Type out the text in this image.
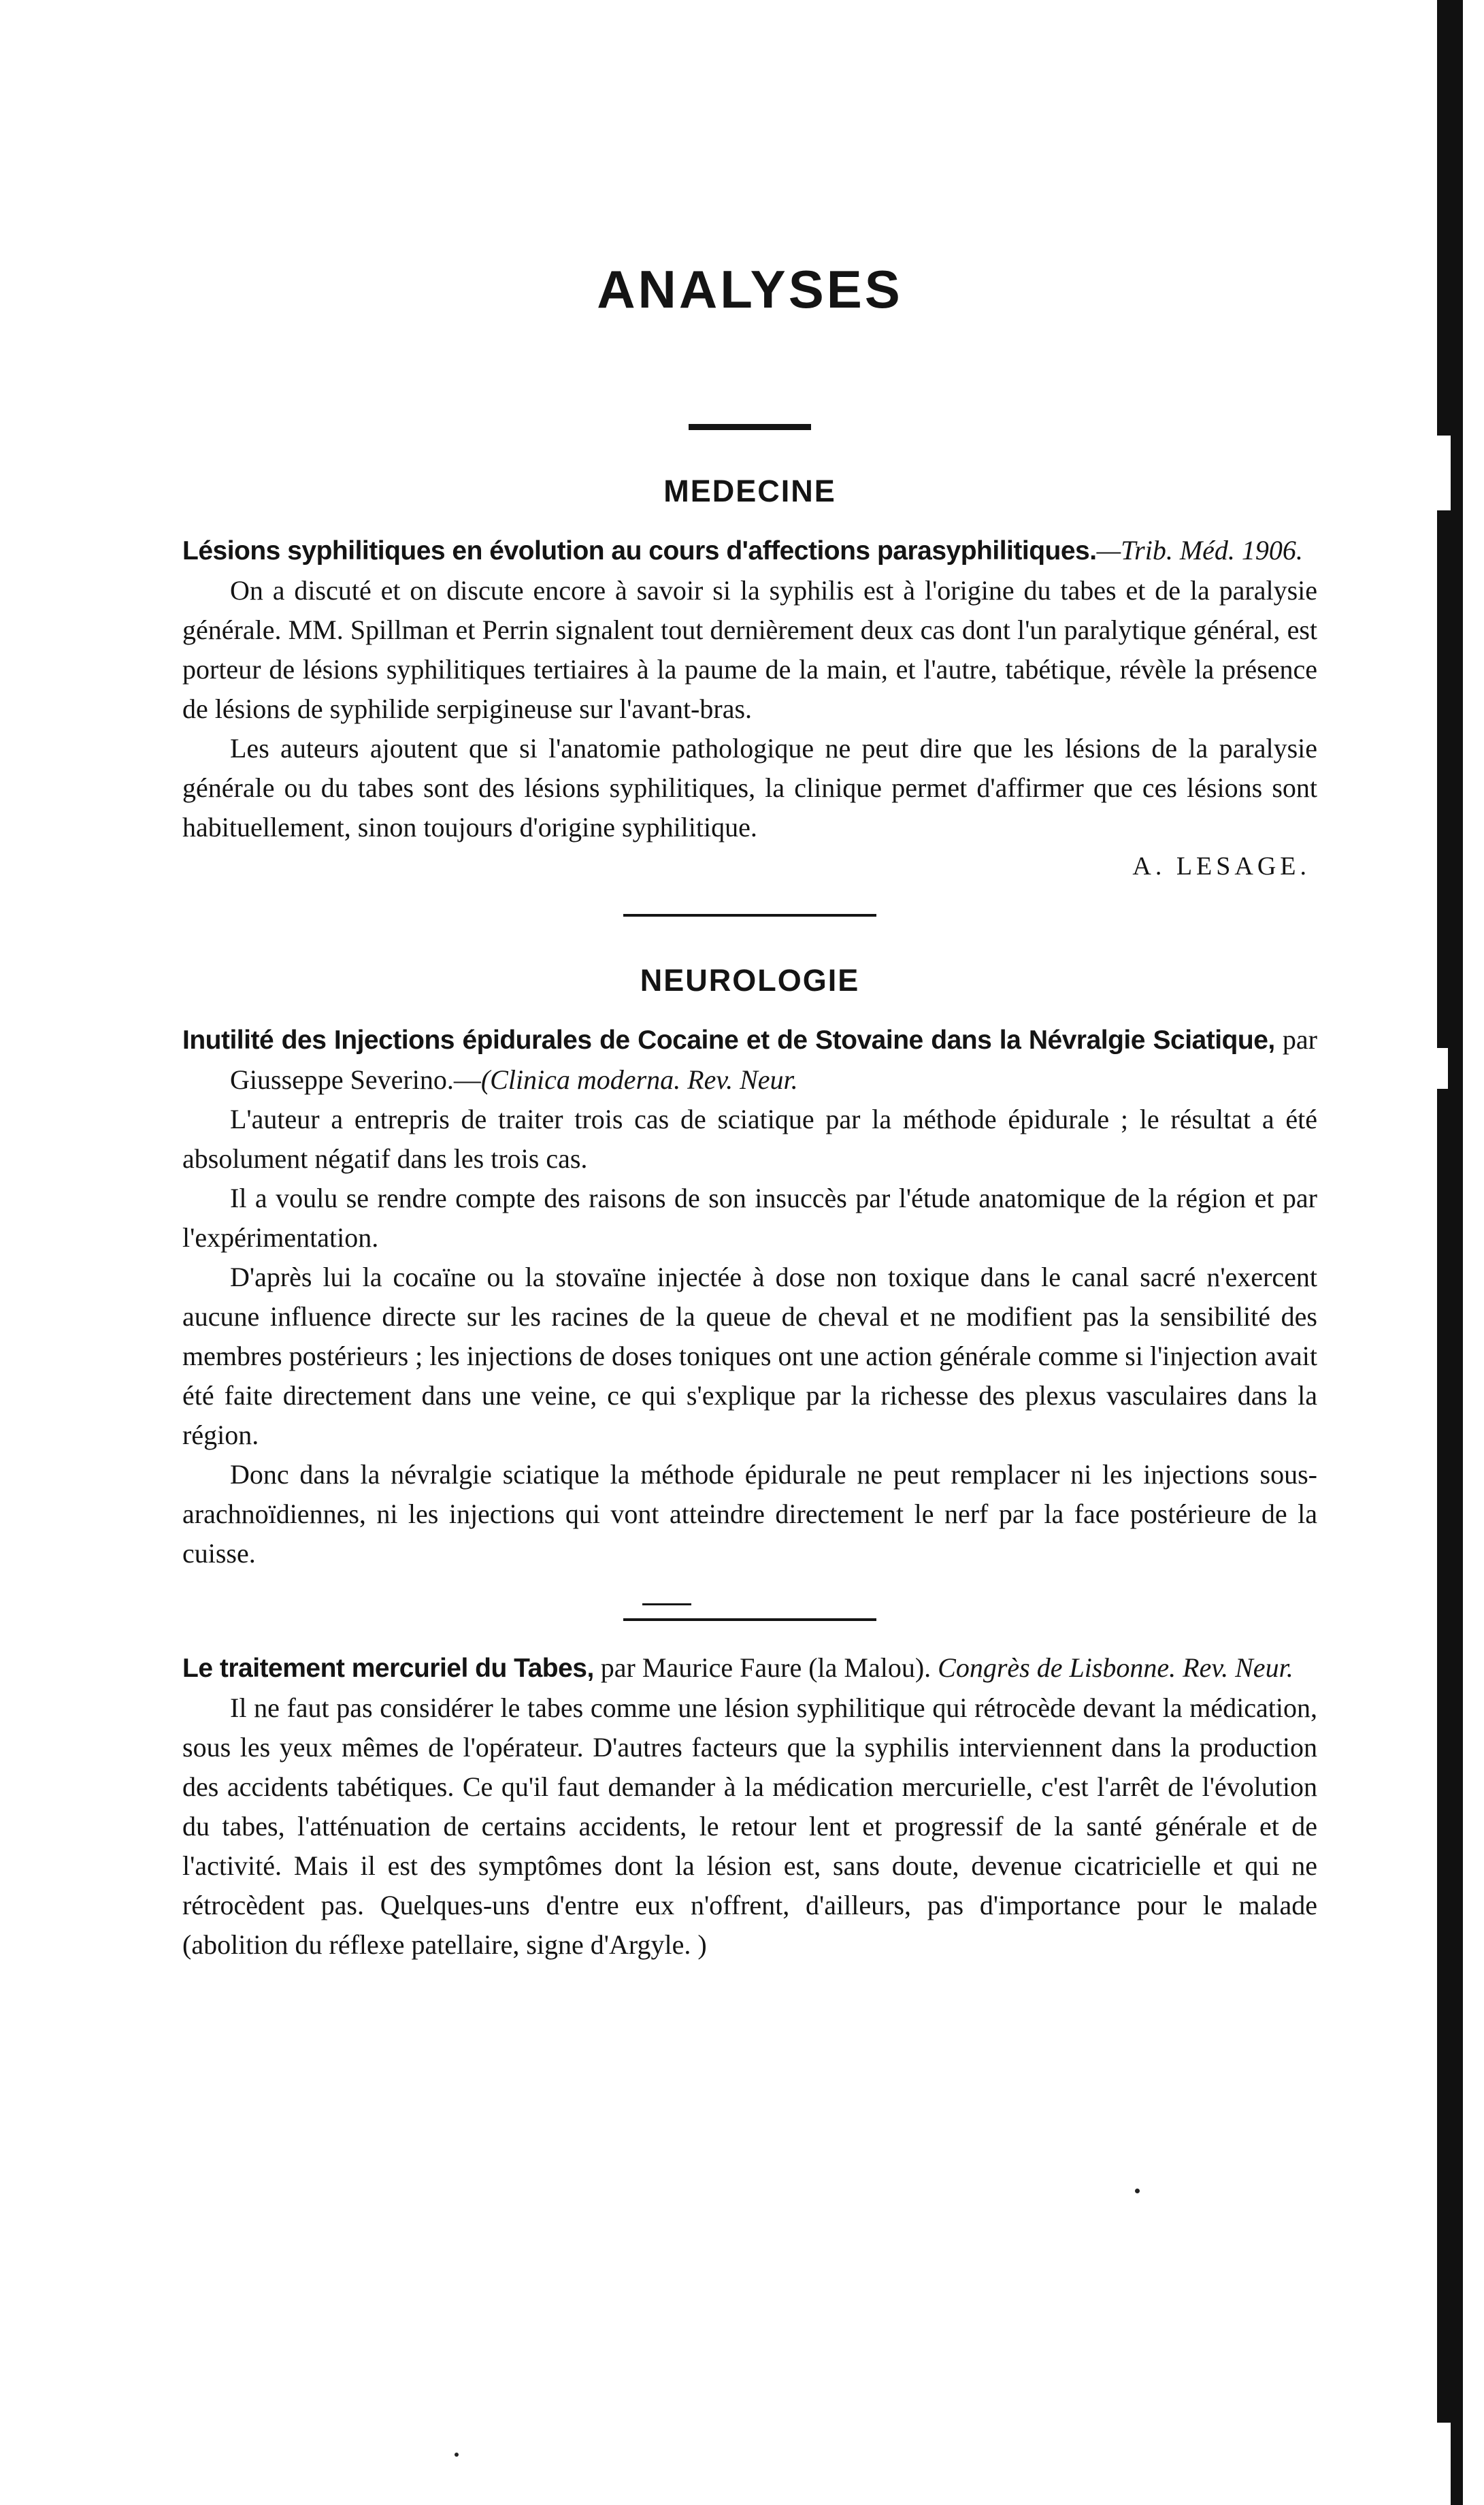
ANALYSES
MEDECINE
Lésions syphilitiques en évolution au cours d'affections parasyphilitiques.—Trib. Méd. 1906.

On a discuté et on discute encore à savoir si la syphilis est à l'origine du tabes et de la paralysie générale. MM. Spillman et Perrin signalent tout dernièrement deux cas dont l'un paralytique général, est porteur de lésions syphilitiques tertiaires à la paume de la main, et l'autre, tabétique, révèle la présence de lésions de syphilide serpigineuse sur l'avant-bras.

Les auteurs ajoutent que si l'anatomie pathologique ne peut dire que les lésions de la paralysie générale ou du tabes sont des lésions syphilitiques, la clinique permet d'affirmer que ces lésions sont habituellement, sinon toujours d'origine syphilitique.

A. LESAGE.
NEUROLOGIE
Inutilité des Injections épidurales de Cocaine et de Stovaine dans la Névralgie Sciatique, par Giusseppe Severino.—(Clinica moderna. Rev. Neur.

L'auteur a entrepris de traiter trois cas de sciatique par la méthode épidurale ; le résultat a été absolument négatif dans les trois cas.

Il a voulu se rendre compte des raisons de son insuccès par l'étude anatomique de la région et par l'expérimentation.

D'après lui la cocaïne ou la stovaïne injectée à dose non toxique dans le canal sacré n'exercent aucune influence directe sur les racines de la queue de cheval et ne modifient pas la sensibilité des membres postérieurs ; les injections de doses toniques ont une action générale comme si l'injection avait été faite directement dans une veine, ce qui s'explique par la richesse des plexus vasculaires dans la région.

Donc dans la névralgie sciatique la méthode épidurale ne peut remplacer ni les injections sous-arachnoïdiennes, ni les injections qui vont atteindre directement le nerf par la face postérieure de la cuisse.

Le traitement mercuriel du Tabes, par Maurice Faure (la Malou). Congrès de Lisbonne. Rev. Neur.

Il ne faut pas considérer le tabes comme une lésion syphilitique qui rétrocède devant la médication, sous les yeux mêmes de l'opérateur. D'autres facteurs que la syphilis interviennent dans la production des accidents tabétiques. Ce qu'il faut demander à la médication mercurielle, c'est l'arrêt de l'évolution du tabes, l'atténuation de certains accidents, le retour lent et progressif de la santé générale et de l'activité. Mais il est des symptômes dont la lésion est, sans doute, devenue cicatricielle et qui ne rétrocèdent pas. Quelques-uns d'entre eux n'offrent, d'ailleurs, pas d'importance pour le malade (abolition du réflexe patellaire, signe d'Argyle. )
